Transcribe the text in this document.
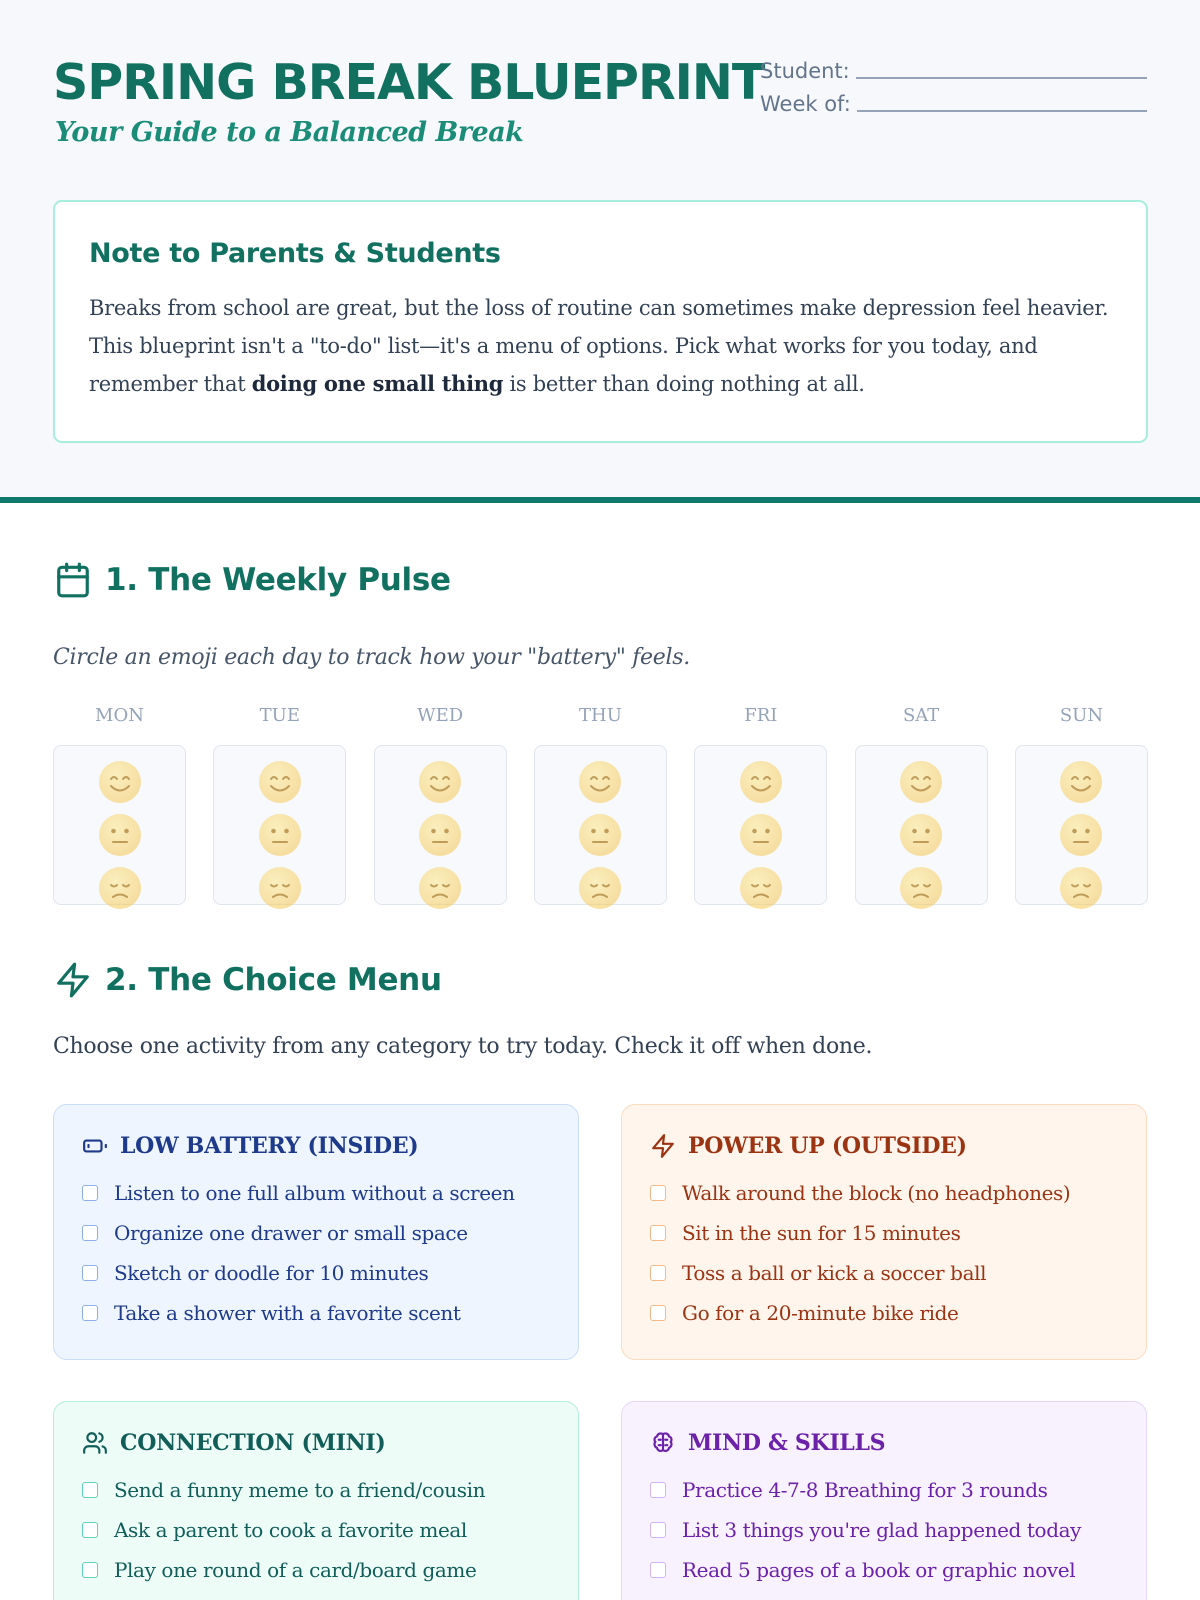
SPRING BREAK BLUEPRINT
Your Guide to a Balanced Break
Student:
Week of:
Note to Parents & Students

Breaks from school are great, but the loss of routine can sometimes make depression feel heavier. This blueprint isn't a "to-do" list—it's a menu of options. Pick what works for you today, and remember that doing one small thing is better than doing nothing at all.

1. The Weekly Pulse
Circle an emoji each day to track how your "battery" feels.
MON	TUE	WED	THU	FRI	SAT	SUN
2. The Choice Menu
Choose one activity from any category to try today. Check it off when done.
LOW BATTERY (INSIDE)
Listen to one full album without a screen
Organize one drawer or small space
Sketch or doodle for 10 minutes
Take a shower with a favorite scent
POWER UP (OUTSIDE)
Walk around the block (no headphones)
Sit in the sun for 15 minutes
Toss a ball or kick a soccer ball
Go for a 20-minute bike ride
CONNECTION (MINI)
Send a funny meme to a friend/cousin
Ask a parent to cook a favorite meal
Play one round of a card/board game
MIND & SKILLS
Practice 4-7-8 Breathing for 3 rounds
List 3 things you're glad happened today
Read 5 pages of a book or graphic novel
